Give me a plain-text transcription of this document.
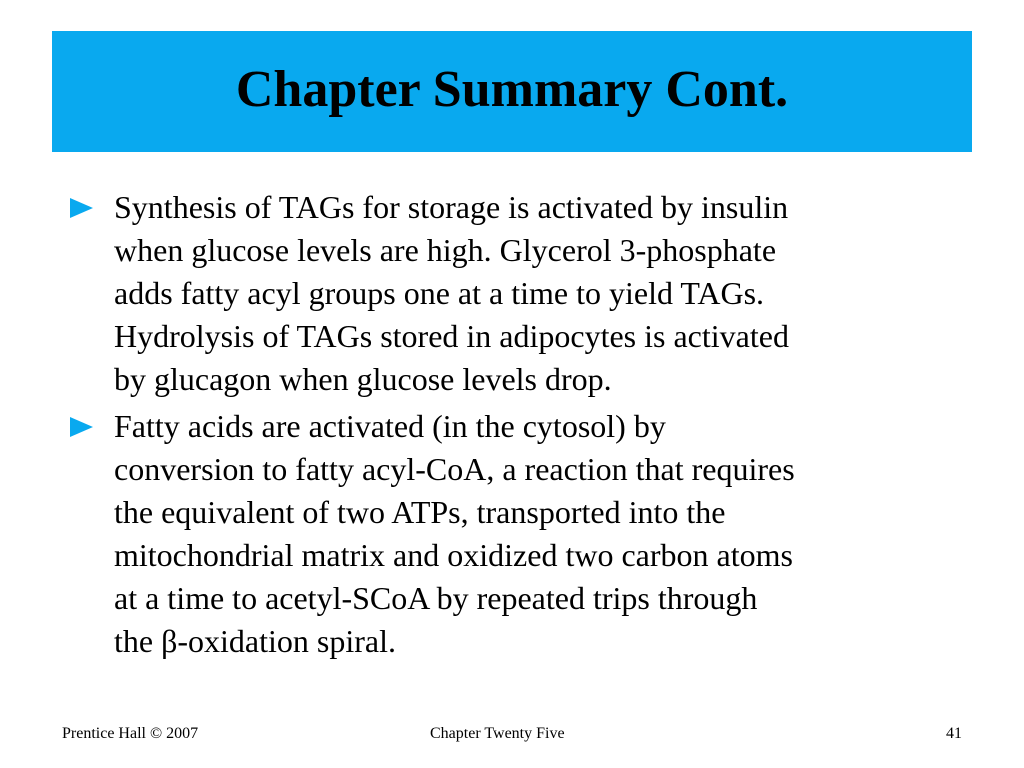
Chapter Summary Cont.
Synthesis of TAGs for storage is activated by insulin
when glucose levels are high. Glycerol 3-phosphate
adds fatty acyl groups one at a time to yield TAGs.
Hydrolysis of TAGs stored in adipocytes is activated
by glucagon when glucose levels drop.
Fatty acids are activated (in the cytosol) by
conversion to fatty acyl-CoA, a reaction that requires
the equivalent of two ATPs, transported into the
mitochondrial matrix and oxidized two carbon atoms
at a time to acetyl-SCoA by repeated trips through
the β-oxidation spiral.
Prentice Hall © 2007	Chapter Twenty Five	41
